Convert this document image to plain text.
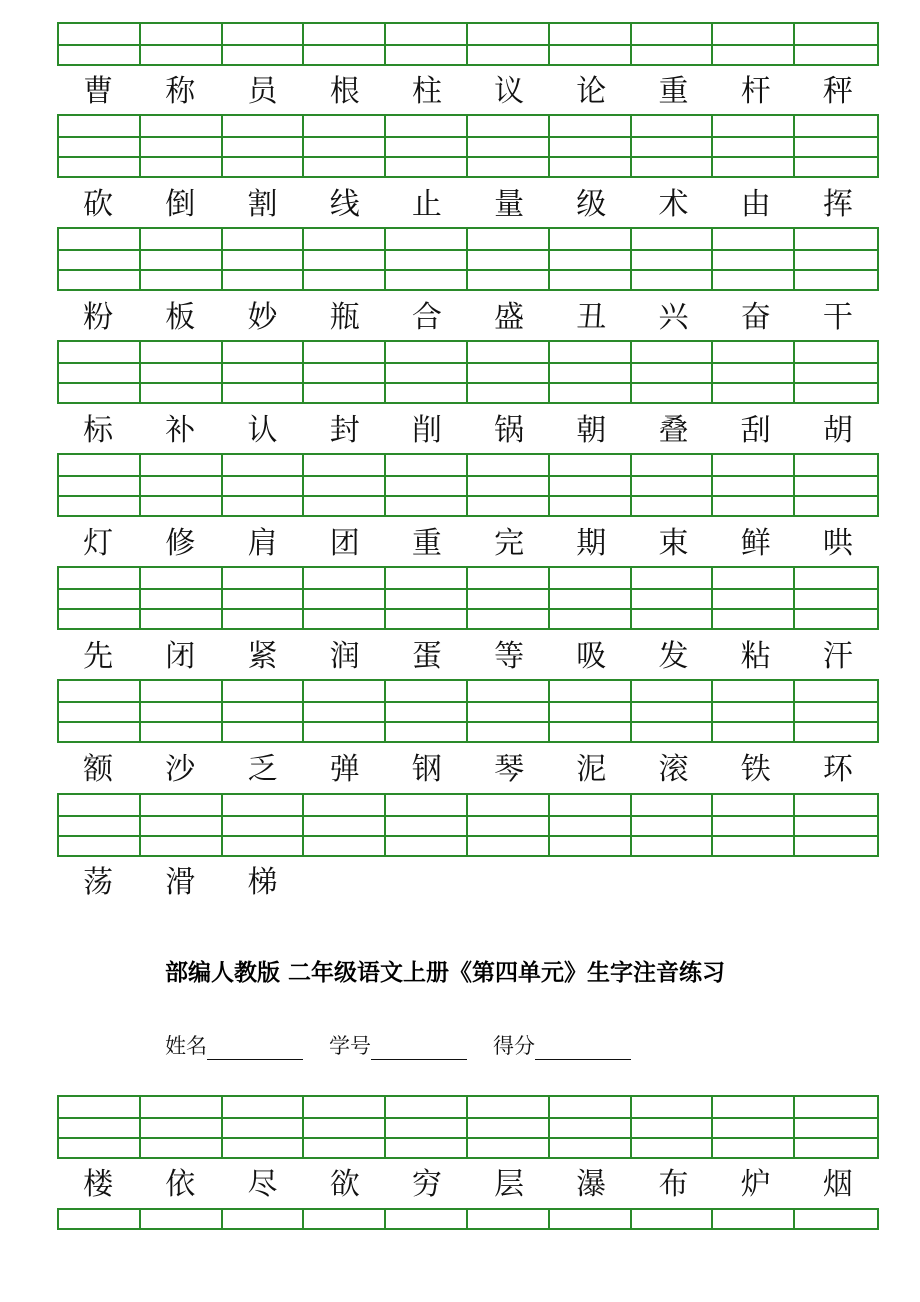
曹	称	员	根	柱	议	论	重	杆	秤
砍	倒	割	线	止	量	级	术	由	挥
粉	板	妙	瓶	合	盛	丑	兴	奋	干
标	补	认	封	削	锅	朝	叠	刮	胡
灯	修	肩	团	重	完	期	束	鲜	哄
先	闭	紧	润	蛋	等	吸	发	粘	汗
额	沙	乏	弹	钢	琴	泥	滚	铁	环
荡	滑	梯
楼	依	尽	欲	穷	层	瀑	布	炉	烟
部编人教版 二年级语文上册《第四单元》生字注音练习
姓名	学号	得分
